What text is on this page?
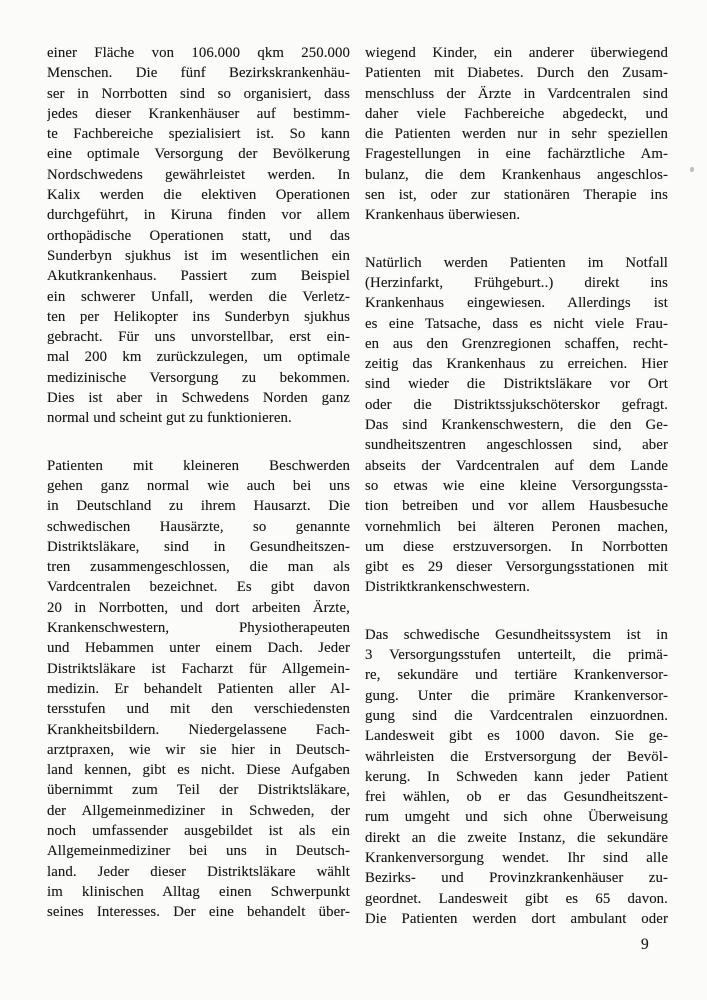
einer Fläche von 106.000 qkm 250.000
Menschen. Die fünf Bezirkskrankenhäu-
ser in Norrbotten sind so organisiert, dass
jedes dieser Krankenhäuser auf bestimm-
te Fachbereiche spezialisiert ist. So kann
eine optimale Versorgung der Bevölkerung
Nordschwedens gewährleistet werden. In
Kalix werden die elektiven Operationen
durchgeführt, in Kiruna finden vor allem
orthopädische Operationen statt, und das
Sunderbyn sjukhus ist im wesentlichen ein
Akutkrankenhaus. Passiert zum Beispiel
ein schwerer Unfall, werden die Verletz-
ten per Helikopter ins Sunderbyn sjukhus
gebracht. Für uns unvorstellbar, erst ein-
mal 200 km zurückzulegen, um optimale
medizinische Versorgung zu bekommen.
Dies ist aber in Schwedens Norden ganz
normal und scheint gut zu funktionieren.
Patienten mit kleineren Beschwerden
gehen ganz normal wie auch bei uns
in Deutschland zu ihrem Hausarzt. Die
schwedischen Hausärzte, so genannte
Distriktsläkare, sind in Gesundheitszen-
tren zusammengeschlossen, die man als
Vardcentralen bezeichnet. Es gibt davon
20 in Norrbotten, und dort arbeiten Ärzte,
Krankenschwestern, Physiotherapeuten
und Hebammen unter einem Dach. Jeder
Distriktsläkare ist Facharzt für Allgemein-
medizin. Er behandelt Patienten aller Al-
tersstufen und mit den verschiedensten
Krankheitsbildern. Niedergelassene Fach-
arztpraxen, wie wir sie hier in Deutsch-
land kennen, gibt es nicht. Diese Aufgaben
übernimmt zum Teil der Distriktsläkare,
der Allgemeinmediziner in Schweden, der
noch umfassender ausgebildet ist als ein
Allgemeinmediziner bei uns in Deutsch-
land. Jeder dieser Distriktsläkare wählt
im klinischen Alltag einen Schwerpunkt
seines Interesses. Der eine behandelt über-
wiegend Kinder, ein anderer überwiegend
Patienten mit Diabetes. Durch den Zusam-
menschluss der Ärzte in Vardcentralen sind
daher viele Fachbereiche abgedeckt, und
die Patienten werden nur in sehr speziellen
Fragestellungen in eine fachärztliche Am-
bulanz, die dem Krankenhaus angeschlos-
sen ist, oder zur stationären Therapie ins
Krankenhaus überwiesen.
Natürlich werden Patienten im Notfall
(Herzinfarkt, Frühgeburt..) direkt ins
Krankenhaus eingewiesen. Allerdings ist
es eine Tatsache, dass es nicht viele Frau-
en aus den Grenzregionen schaffen, recht-
zeitig das Krankenhaus zu erreichen. Hier
sind wieder die Distriktsläkare vor Ort
oder die Distriktssjukschöterskor gefragt.
Das sind Krankenschwestern, die den Ge-
sundheitszentren angeschlossen sind, aber
abseits der Vardcentralen auf dem Lande
so etwas wie eine kleine Versorgungssta-
tion betreiben und vor allem Hausbesuche
vornehmlich bei älteren Peronen machen,
um diese erstzuversorgen. In Norrbotten
gibt es 29 dieser Versorgungsstationen mit
Distriktkrankenschwestern.
Das schwedische Gesundheitssystem ist in
3 Versorgungsstufen unterteilt, die primä-
re, sekundäre und tertiäre Krankenversor-
gung. Unter die primäre Krankenversor-
gung sind die Vardcentralen einzuordnen.
Landesweit gibt es 1000 davon. Sie ge-
währleisten die Erstversorgung der Bevöl-
kerung. In Schweden kann jeder Patient
frei wählen, ob er das Gesundheitszent-
rum umgeht und sich ohne Überweisung
direkt an die zweite Instanz, die sekundäre
Krankenversorgung wendet. Ihr sind alle
Bezirks- und Provinzkrankenhäuser zu-
geordnet. Landesweit gibt es 65 davon.
Die Patienten werden dort ambulant oder
9
